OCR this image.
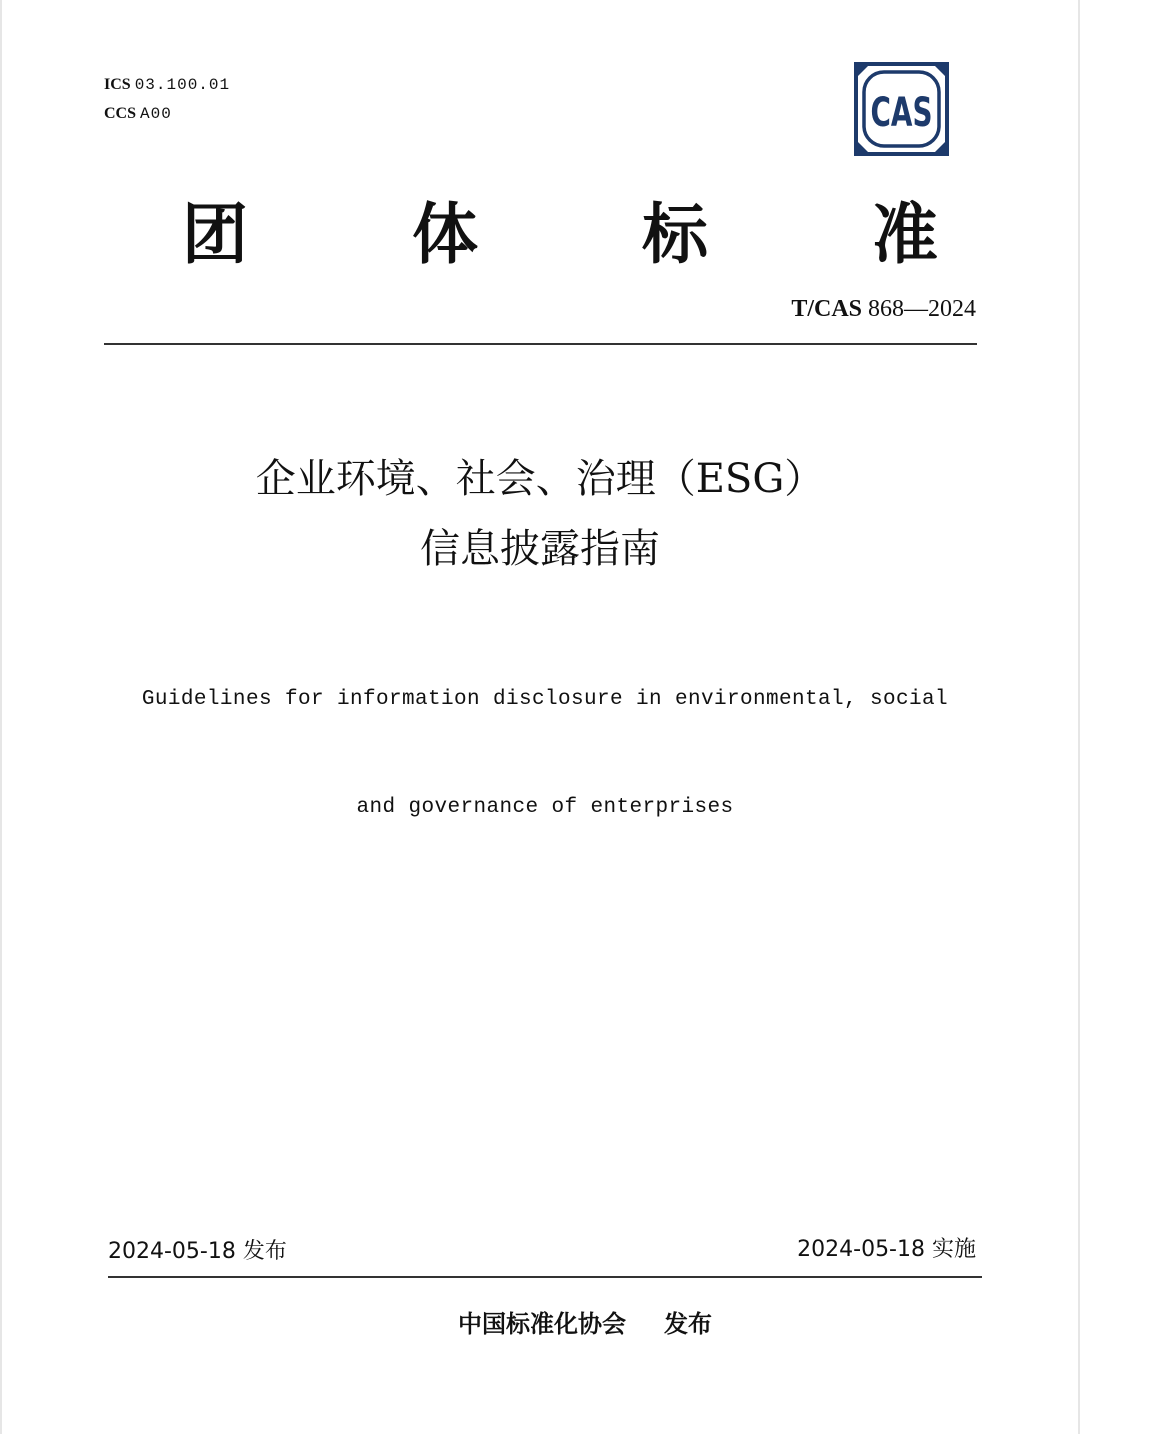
ICS 03.100.01
CCS A00	CAS
团	体	标	准
T/CAS 868—2024
企业环境、社会、治理（ESG）
信息披露指南

Guidelines for information disclosure in environmental, social

and governance of enterprises

2024-05-18 发布	2024-05-18 实施
中国标准化协会 发布
